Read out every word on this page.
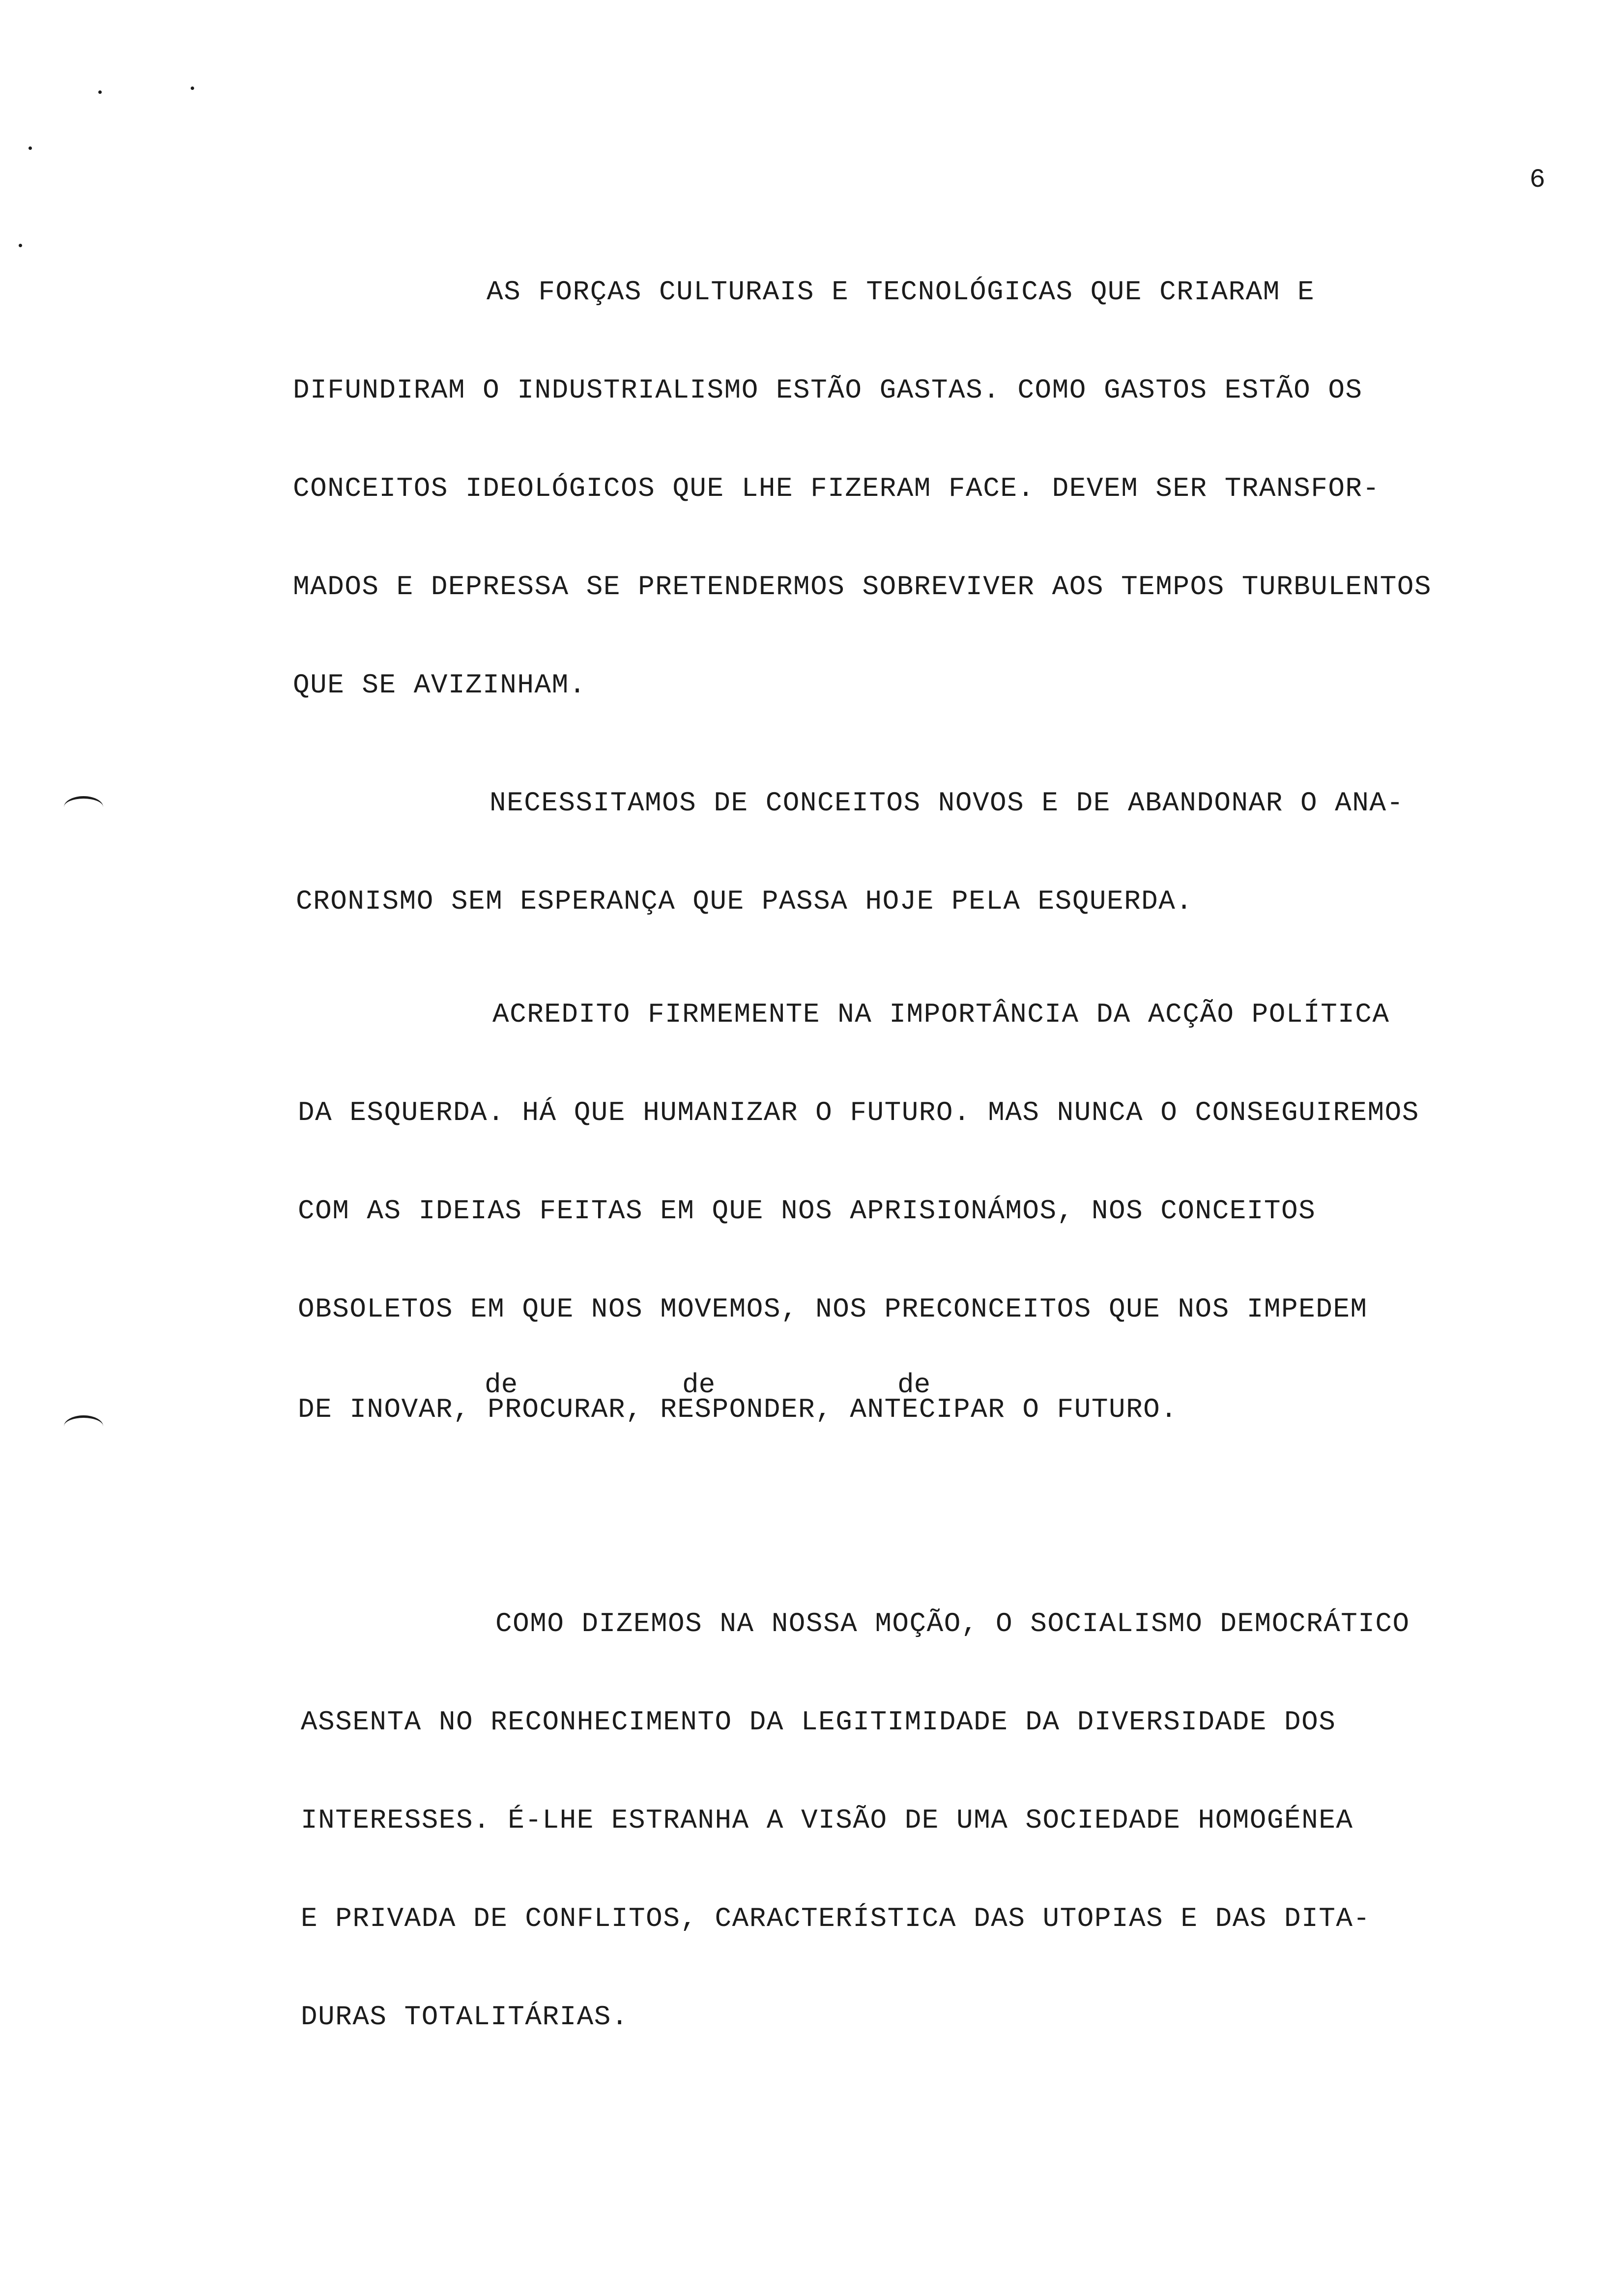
6
AS FORÇAS CULTURAIS E TECNOLÓGICAS QUE CRIARAM E
DIFUNDIRAM O INDUSTRIALISMO ESTÃO GASTAS. COMO GASTOS ESTÃO OS
CONCEITOS IDEOLÓGICOS QUE LHE FIZERAM FACE. DEVEM SER TRANSFOR-
MADOS E DEPRESSA SE PRETENDERMOS SOBREVIVER AOS TEMPOS TURBULENTOS
QUE SE AVIZINHAM.
NECESSITAMOS DE CONCEITOS NOVOS E DE ABANDONAR O ANA-
CRONISMO SEM ESPERANÇA QUE PASSA HOJE PELA ESQUERDA.
ACREDITO FIRMEMENTE NA IMPORTÂNCIA DA ACÇÃO POLÍTICA
DA ESQUERDA. HÁ QUE HUMANIZAR O FUTURO. MAS NUNCA O CONSEGUIREMOS
COM AS IDEIAS FEITAS EM QUE NOS APRISIONÁMOS, NOS CONCEITOS
OBSOLETOS EM QUE NOS MOVEMOS, NOS PRECONCEITOS QUE NOS IMPEDEM
de	de	de
DE INOVAR, PROCURAR, RESPONDER, ANTECIPAR O FUTURO.
COMO DIZEMOS NA NOSSA MOÇÃO, O SOCIALISMO DEMOCRÁTICO
ASSENTA NO RECONHECIMENTO DA LEGITIMIDADE DA DIVERSIDADE DOS
INTERESSES. É-LHE ESTRANHA A VISÃO DE UMA SOCIEDADE HOMOGÉNEA
E PRIVADA DE CONFLITOS, CARACTERÍSTICA DAS UTOPIAS E DAS DITA-
DURAS TOTALITÁRIAS.
